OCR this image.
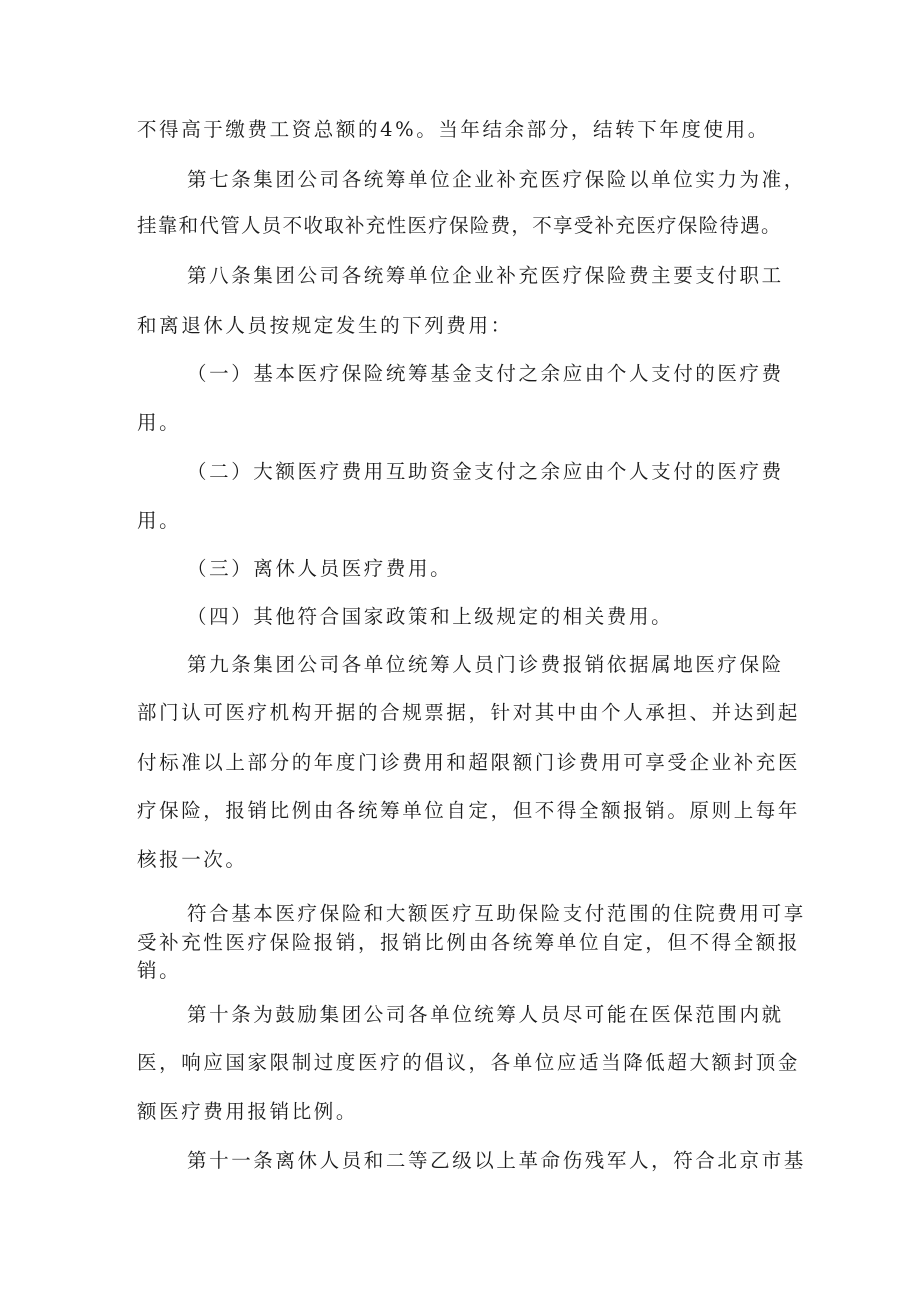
不得高于缴费工资总额的4%。当年结余部分，结转下年度使用。
第七条集团公司各统筹单位企业补充医疗保险以单位实力为准，
挂靠和代管人员不收取补充性医疗保险费，不享受补充医疗保险待遇。
第八条集团公司各统筹单位企业补充医疗保险费主要支付职工
和离退休人员按规定发生的下列费用：
（一）基本医疗保险统筹基金支付之余应由个人支付的医疗费
用。
（二）大额医疗费用互助资金支付之余应由个人支付的医疗费
用。
（三）离休人员医疗费用。
（四）其他符合国家政策和上级规定的相关费用。
第九条集团公司各单位统筹人员门诊费报销依据属地医疗保险
部门认可医疗机构开据的合规票据，针对其中由个人承担、并达到起
付标准以上部分的年度门诊费用和超限额门诊费用可享受企业补充医
疗保险，报销比例由各统筹单位自定，但不得全额报销。原则上每年
核报一次。
符合基本医疗保险和大额医疗互助保险支付范围的住院费用可享
受补充性医疗保险报销，报销比例由各统筹单位自定，但不得全额报
销。
第十条为鼓励集团公司各单位统筹人员尽可能在医保范围内就
医，响应国家限制过度医疗的倡议，各单位应适当降低超大额封顶金
额医疗费用报销比例。
第十一条离休人员和二等乙级以上革命伤残军人，符合北京市基
